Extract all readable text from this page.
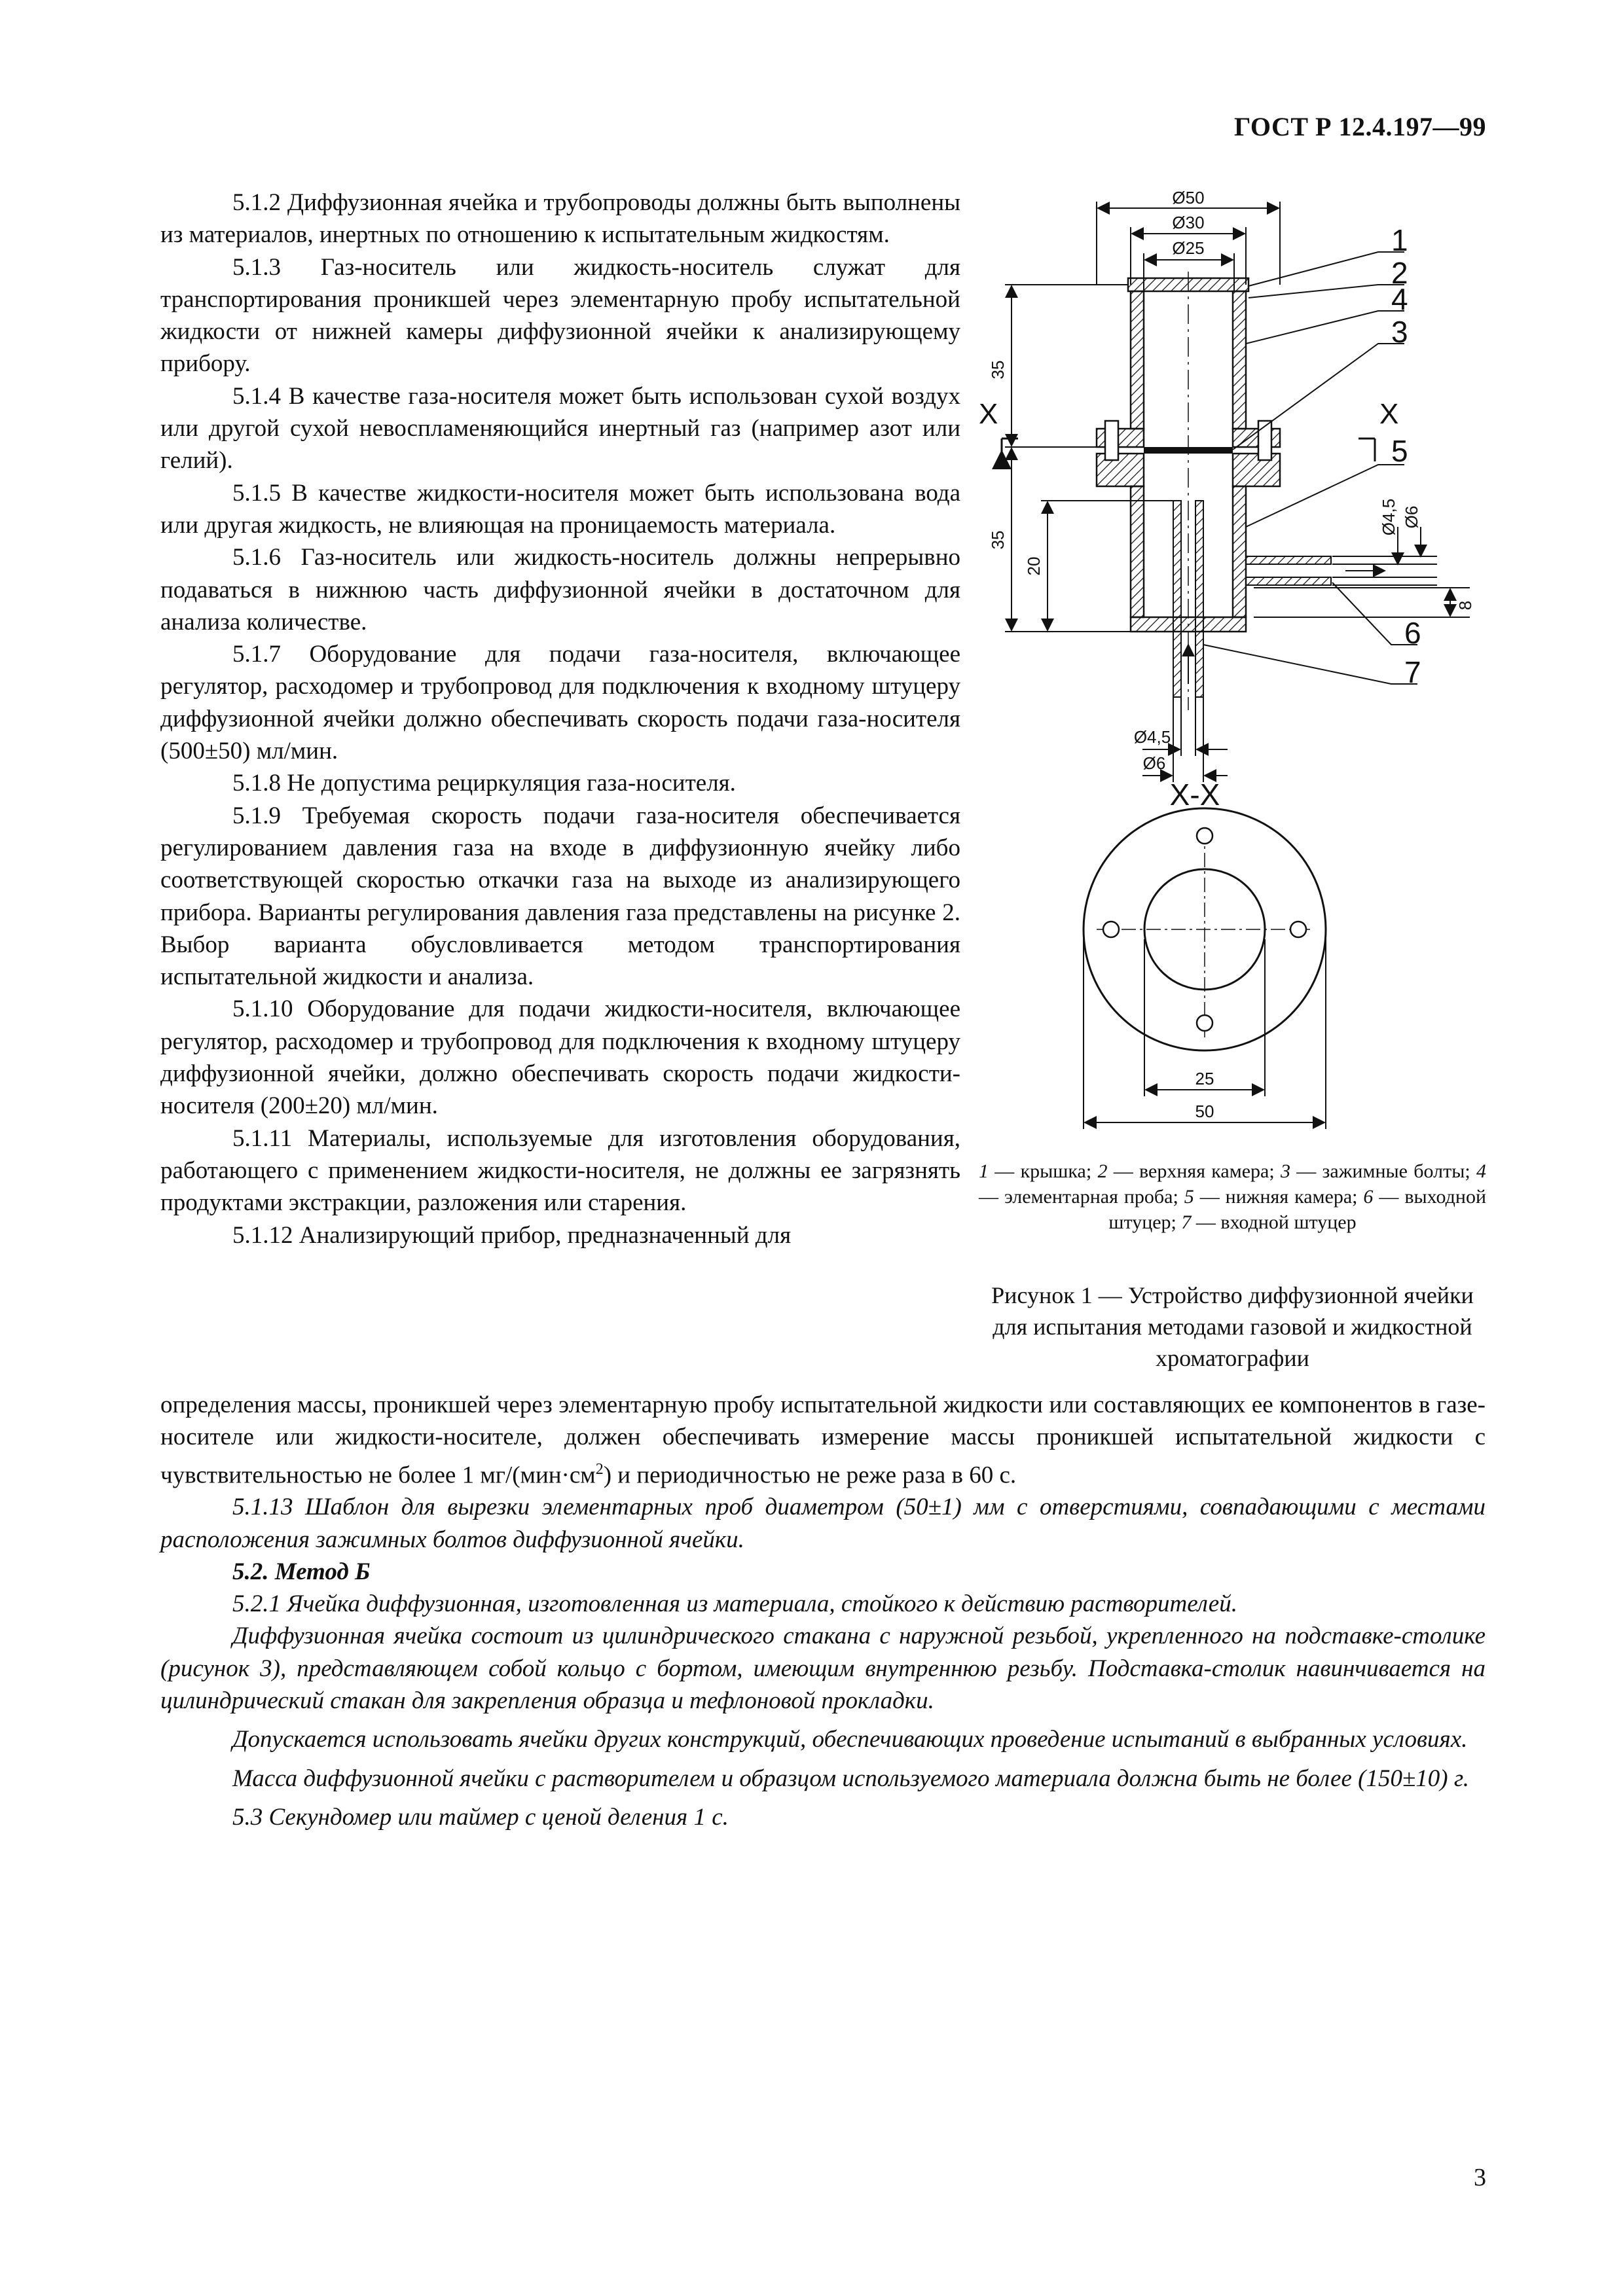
ГОСТ Р 12.4.197—99

5.1.2 Диффузионная ячейка и трубопроводы должны быть выполнены из материалов, инертных по отношению к испытательным жидкостям.

5.1.3 Газ-носитель или жидкость-носитель служат для транспортирования проникшей через элементарную пробу испытательной жидкости от нижней камеры диффузионной ячейки к анализирующему прибору.

5.1.4 В качестве газа-носителя может быть использован сухой воздух или другой сухой невоспламеняющийся инертный газ (например азот или гелий).

5.1.5 В качестве жидкости-носителя может быть использована вода или другая жидкость, не влияющая на проницаемость материала.

5.1.6 Газ-носитель или жидкость-носитель должны непрерывно подаваться в нижнюю часть диффузионной ячейки в достаточном для анализа количестве.

5.1.7 Оборудование для подачи газа-носителя, включающее регулятор, расходомер и трубопровод для подключения к входному штуцеру диффузионной ячейки должно обеспечивать скорость подачи газа-носителя (500±50) мл/мин.

5.1.8 Не допустима рециркуляция газа-носителя.

5.1.9 Требуемая скорость подачи газа-носителя обеспечивается регулированием давления газа на входе в диффузионную ячейку либо соответствующей скоростью откачки газа на выходе из анализирующего прибора. Варианты регулирования давления газа представлены на рисунке 2. Выбор варианта обусловливается методом транспортирования испытательной жидкости и анализа.

5.1.10 Оборудование для подачи жидкости-носителя, включающее регулятор, расходомер и трубопровод для подключения к входному штуцеру диффузионной ячейки, должно обеспечивать скорость подачи жидкости-носителя (200±20) мл/мин.

5.1.11 Материалы, используемые для изготовления оборудования, работающего с применением жидкости-носителя, не должны ее загрязнять продуктами экстракции, разложения или старения.

5.1.12 Анализирующий прибор, предназначенный для

определения массы, проникшей через элементарную пробу испытательной жидкости или составляющих ее компонентов в газе-носителе или жидкости-носителе, должен обеспечивать измерение массы проникшей испытательной жидкости с чувствительностью не более 1 $мг/(мин\cdot см^2)$ и периодичностью не реже раза в 60 с.

5.1.13 Шаблон для вырезки элементарных проб диаметром (50±1) мм с отверстиями, совпадающими с местами расположения зажимных болтов диффузионной ячейки.

5.2. Метод Б

5.2.1 Ячейка диффузионная, изготовленная из материала, стойкого к действию растворителей.

Диффузионная ячейка состоит из цилиндрического стакана с наружной резьбой, укрепленного на подставке-столике (рисунок 3), представляющем собой кольцо с бортом, имеющим внутреннюю резьбу. Подставка-столик навинчивается на цилиндрический стакан для закрепления образца и тефлоновой прокладки.

Допускается использовать ячейки других конструкций, обеспечивающих проведение испытаний в выбранных условиях.

Масса диффузионной ячейки с растворителем и образцом используемого материала должна быть не более (150±10) г.

5.3 Секундомер или таймер с ценой деления 1 с.

Ø50
Ø30
Ø25
35
35
20
X	X
Ø4,5 Ø6
8
Ø4,5
Ø6
1
2
4
3
5
6
7
X-X
25
50
1 — крышка; 2 — верхняя камера; 3 — зажимные болты; 4 — элементарная проба; 5 — нижняя камера; 6 — выходной штуцер; 7 — входной штуцер
Рисунок 1 — Устройство диффузионной ячейки для испытания методами газовой и жидкостной хроматографии
3
